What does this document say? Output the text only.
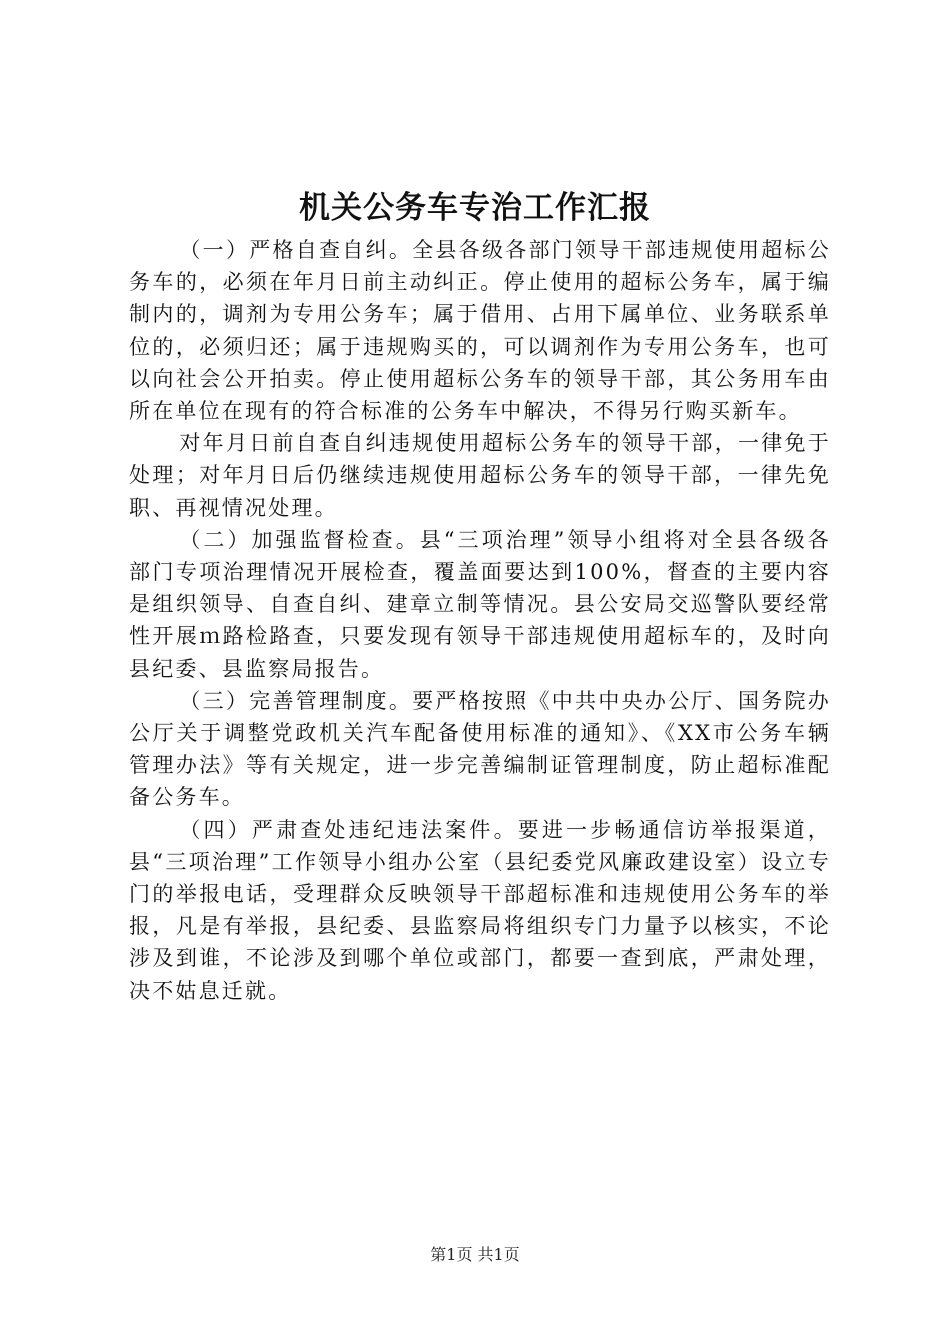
机关公务车专治工作汇报

（一）严格自查自纠。全县各级各部门领导干部违规使用超标公务车的，必须在年月日前主动纠正。停止使用的超标公务车，属于编制内的，调剂为专用公务车；属于借用、占用下属单位、业务联系单位的，必须归还；属于违规购买的，可以调剂作为专用公务车，也可以向社会公开拍卖。停止使用超标公务车的领导干部，其公务用车由所在单位在现有的符合标准的公务车中解决，不得另行购买新车。

对年月日前自查自纠违规使用超标公务车的领导干部，一律免于处理；对年月日后仍继续违规使用超标公务车的领导干部，一律先免职、再视情况处理。

（二）加强监督检查。县“三项治理”领导小组将对全县各级各部门专项治理情况开展检查，覆盖面要达到100%，督查的主要内容是组织领导、自查自纠、建章立制等情况。县公安局交巡警队要经常性开展ｍ路检路查，只要发现有领导干部违规使用超标车的，及时向县纪委、县监察局报告。

（三）完善管理制度。要严格按照《中共中央办公厅、国务院办公厅关于调整党政机关汽车配备使用标准的通知》、《XX市公务车辆管理办法》等有关规定，进一步完善编制证管理制度，防止超标准配备公务车。

（四）严肃查处违纪违法案件。要进一步畅通信访举报渠道，县“三项治理”工作领导小组办公室（县纪委党风廉政建设室）设立专门的举报电话，受理群众反映领导干部超标准和违规使用公务车的举报，凡是有举报，县纪委、县监察局将组织专门力量予以核实，不论涉及到谁，不论涉及到哪个单位或部门，都要一查到底，严肃处理，决不姑息迁就。

第1页 共1页
